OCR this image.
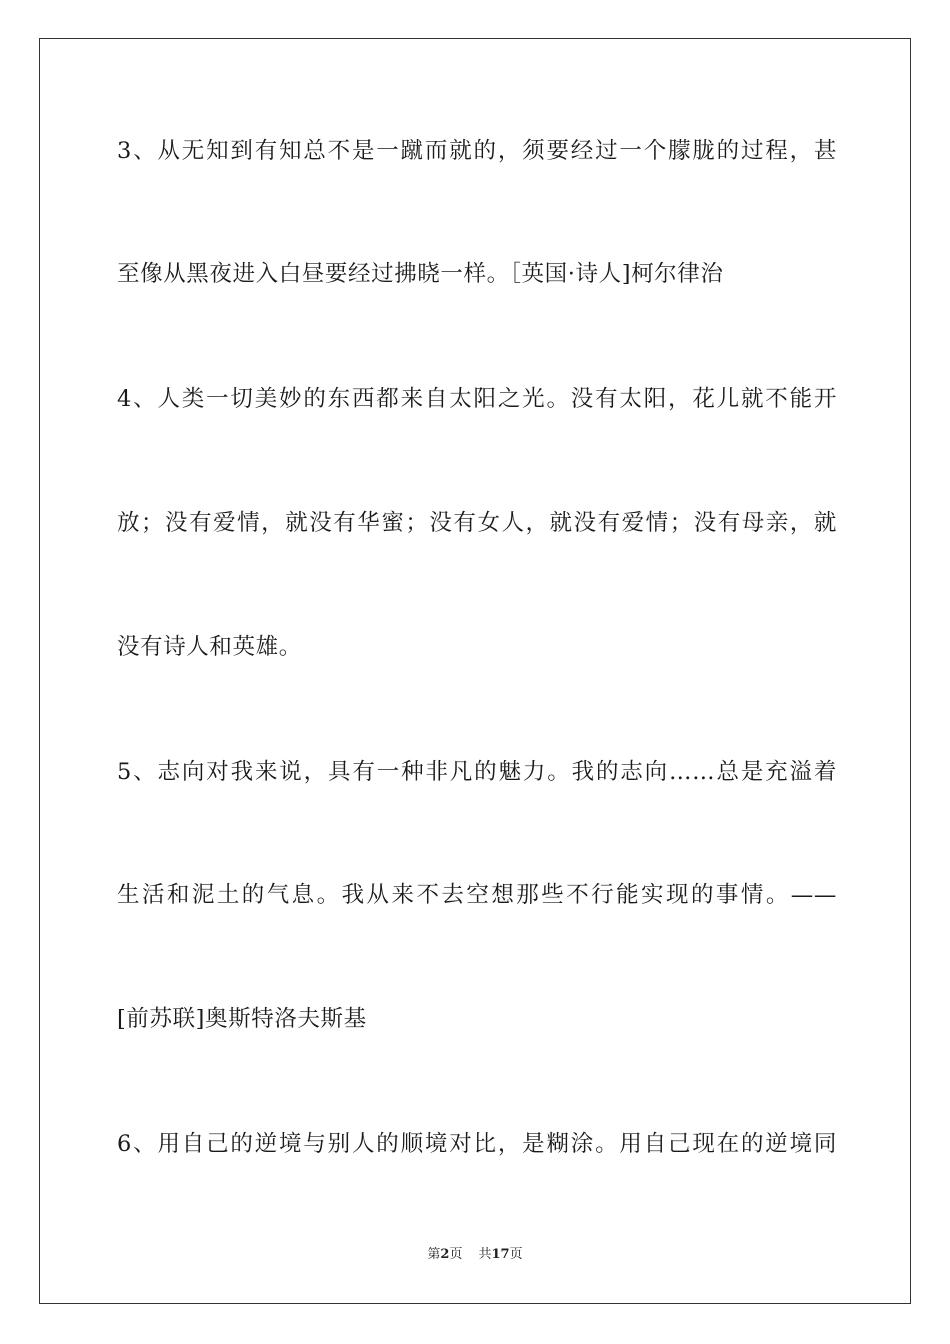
3、从无知到有知总不是一蹴而就的，须要经过一个朦胧的过程，甚
至像从黑夜进入白昼要经过拂晓一样。［英国·诗人]柯尔律治
4、人类一切美妙的东西都来自太阳之光。没有太阳，花儿就不能开
放；没有爱情，就没有华蜜；没有女人，就没有爱情；没有母亲，就
没有诗人和英雄。
5、志向对我来说，具有一种非凡的魅力。我的志向……总是充溢着
生活和泥土的气息。我从来不去空想那些不行能实现的事情。——
[前苏联]奥斯特洛夫斯基
6、用自己的逆境与别人的顺境对比，是糊涂。用自己现在的逆境同
第2页 共17页
